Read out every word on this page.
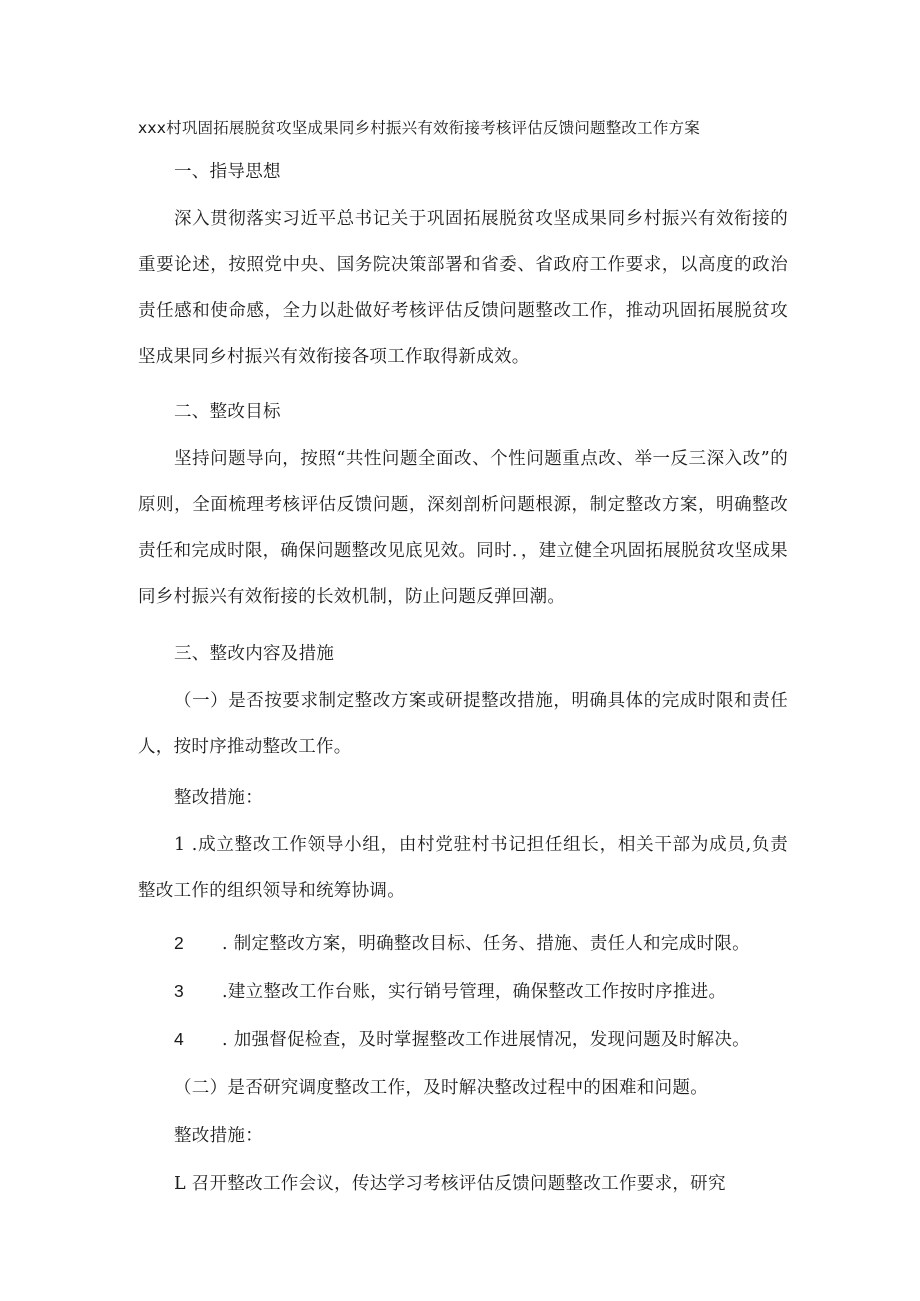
xxx村巩固拓展脱贫攻坚成果同乡村振兴有效衔接考核评估反馈问题整改工作方案
一、指导思想
深入贯彻落实习近平总书记关于巩固拓展脱贫攻坚成果同乡村振兴有效衔接的重要论述，按照党中央、国务院决策部署和省委、省政府工作要求，以高度的政治责任感和使命感，全力以赴做好考核评估反馈问题整改工作，推动巩固拓展脱贫攻坚成果同乡村振兴有效衔接各项工作取得新成效。
二、整改目标
坚持问题导向，按照“共性问题全面改、个性问题重点改、举一反三深入改”的原则，全面梳理考核评估反馈问题，深刻剖析问题根源，制定整改方案，明确整改责任和完成时限，确保问题整改见底见效。同时．，建立健全巩固拓展脱贫攻坚成果同乡村振兴有效衔接的长效机制，防止问题反弹回潮。
三、整改内容及措施
（一）是否按要求制定整改方案或研提整改措施，明确具体的完成时限和责任人，按时序推动整改工作。
整改措施：
1 .成立整改工作领导小组，由村党驻村书记担任组长，相关干部为成员,负责整改工作的组织领导和统筹协调。
2 . 制定整改方案，明确整改目标、任务、措施、责任人和完成时限。
3 .建立整改工作台账，实行销号管理，确保整改工作按时序推进。
4 . 加强督促检查，及时掌握整改工作进展情况，发现问题及时解决。
（二）是否研究调度整改工作，及时解决整改过程中的困难和问题。
整改措施：
L 召开整改工作会议，传达学习考核评估反馈问题整改工作要求，研究
